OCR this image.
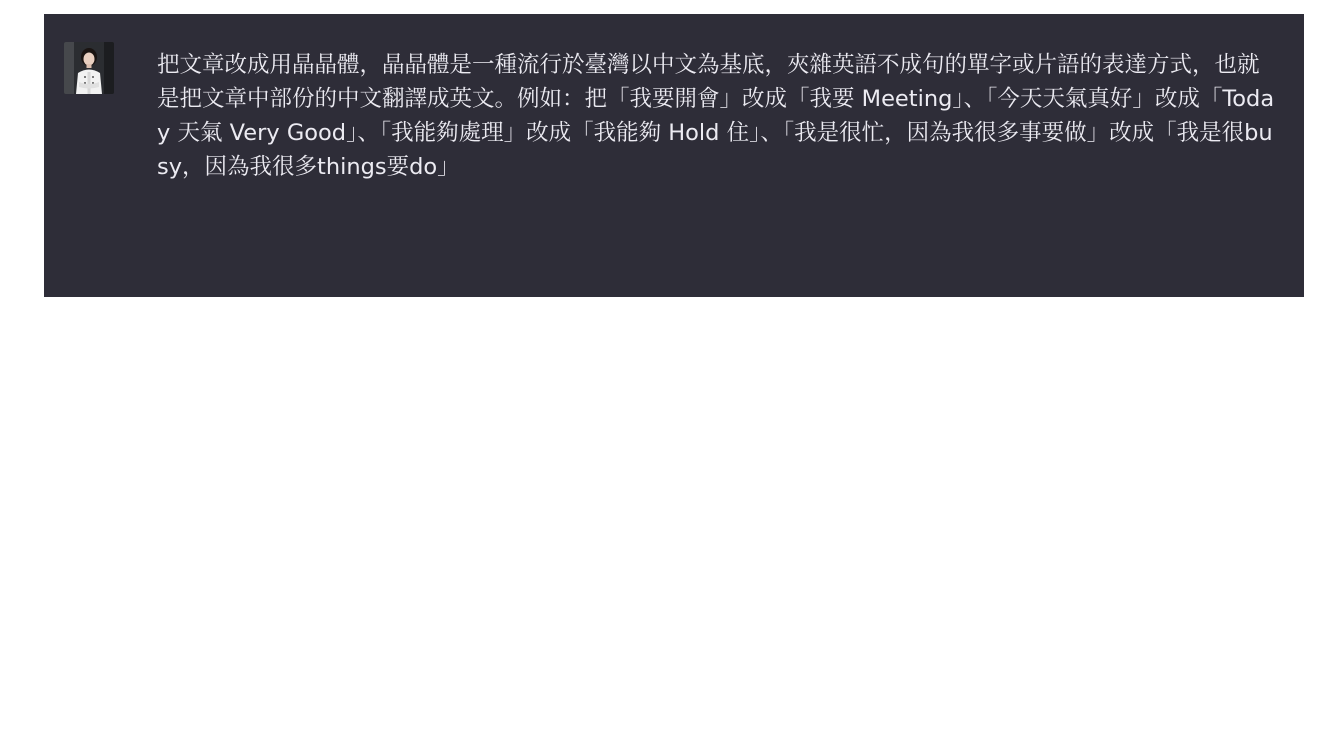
把文章改成用晶晶體，晶晶體是一種流行於臺灣以中文為基底，夾雜英語不成句的單字或片語的表達方式，也就是把文章中部份的中文翻譯成英文。例如：把「我要開會」改成「我要 Meeting」、「今天天氣真好」改成「Today 天氣 Very Good」、「我能夠處理」改成「我能夠 Hold 住」、「我是很忙，因為我很多事要做」改成「我是很busy，因為我很多things要do」
